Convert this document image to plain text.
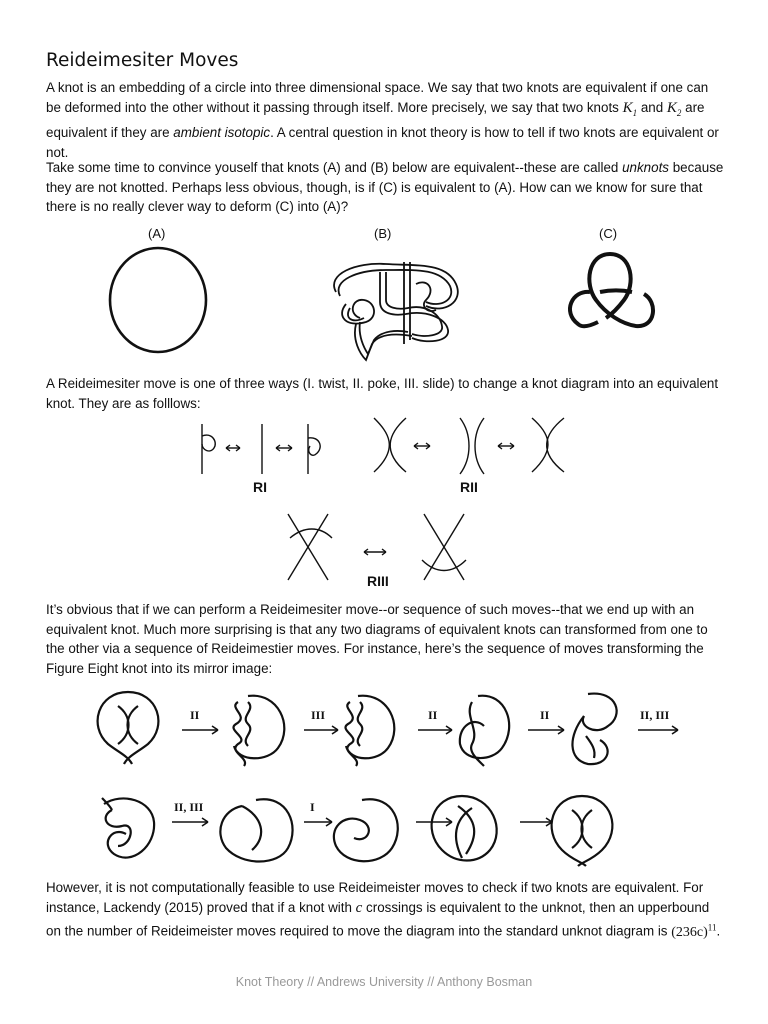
Reideimesiter Moves

A knot is an embedding of a circle into three dimensional space. We say that two knots are equivalent if one can be deformed into the other without it passing through itself. More precisely, we say that two knots $K_1$ and $K_2$ are equivalent if they are ambient isotopic. A central question in knot theory is how to tell if two knots are equivalent or not.

Take some time to convince youself that knots (A) and (B) below are equivalent--these are called unknots because they are not knotted. Perhaps less obvious, though, is if (C) is equivalent to (A). How can we know for sure that there is no really clever way to deform (C) into (A)?

(A)	(B)	(C)

A Reideimesiter move is one of three ways (I. twist, II. poke, III. slide) to change a knot diagram into an equivalent knot. They are as folllows:

RI	RII
RIII

It’s obvious that if we can perform a Reideimesiter move--or sequence of such moves--that we end up with an equivalent knot. Much more surprising is that any two diagrams of equivalent knots can transformed from one to the other via a sequence of Reideimestier moves. For instance, here’s the sequence of moves transforming the Figure Eight knot into its mirror image:

II	III	II	II	II, III
II, III	I

However, it is not computationally feasible to use Reideimeister moves to check if two knots are equivalent. For instance, Lackendy (2015) proved that if a knot with c crossings is equivalent to the unknot, then an upperbound on the number of Reideimeister moves required to move the diagram into the standard unknot diagram is $(236c)^{11}$.

Knot Theory // Andrews University // Anthony Bosman
